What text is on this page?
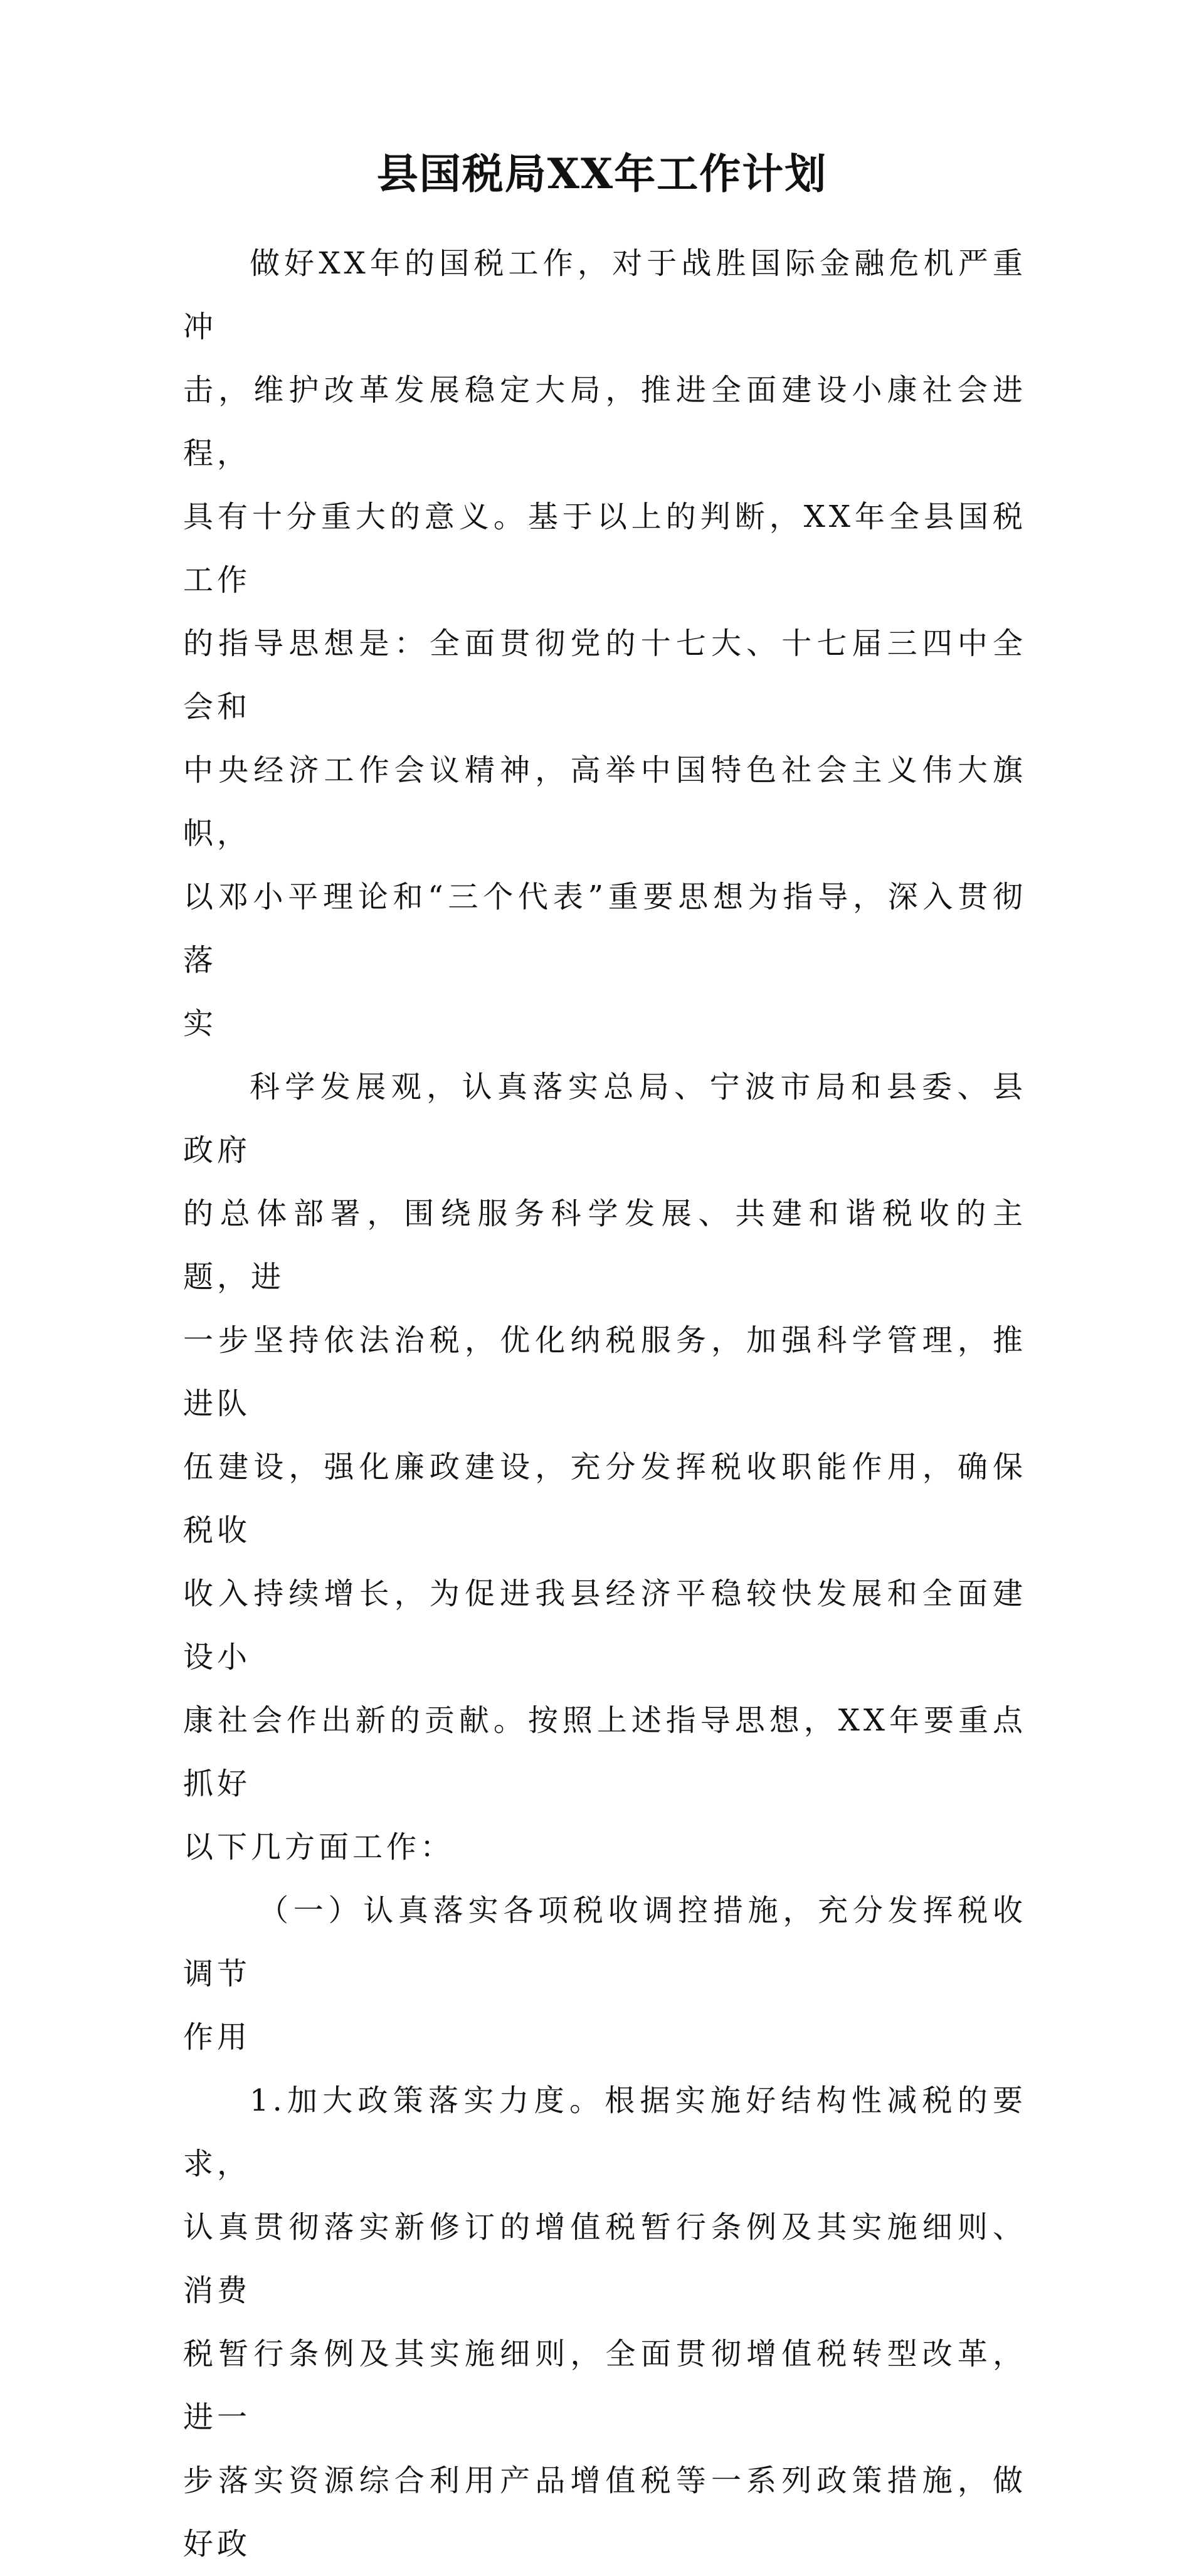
县国税局XX年工作计划

做好XX年的国税工作，对于战胜国际金融危机严重冲
击，维护改革发展稳定大局，推进全面建设小康社会进程，
具有十分重大的意义。基于以上的判断，XX年全县国税工作
的指导思想是：全面贯彻党的十七大、十七届三四中全会和
中央经济工作会议精神，高举中国特色社会主义伟大旗帜，
以邓小平理论和“三个代表”重要思想为指导，深入贯彻落
实

科学发展观，认真落实总局、宁波市局和县委、县政府
的总体部署，围绕服务科学发展、共建和谐税收的主题，进
一步坚持依法治税，优化纳税服务，加强科学管理，推进队
伍建设，强化廉政建设，充分发挥税收职能作用，确保税收
收入持续增长，为促进我县经济平稳较快发展和全面建设小
康社会作出新的贡献。按照上述指导思想，XX年要重点抓好
以下几方面工作：

（一）认真落实各项税收调控措施，充分发挥税收调节
作用

1.加大政策落实力度。根据实施好结构性减税的要求，
认真贯彻落实新修订的增值税暂行条例及其实施细则、消费
税暂行条例及其实施细则，全面贯彻增值税转型改革，进一
步落实资源综合利用产品增值税等一系列政策措施，做好政
